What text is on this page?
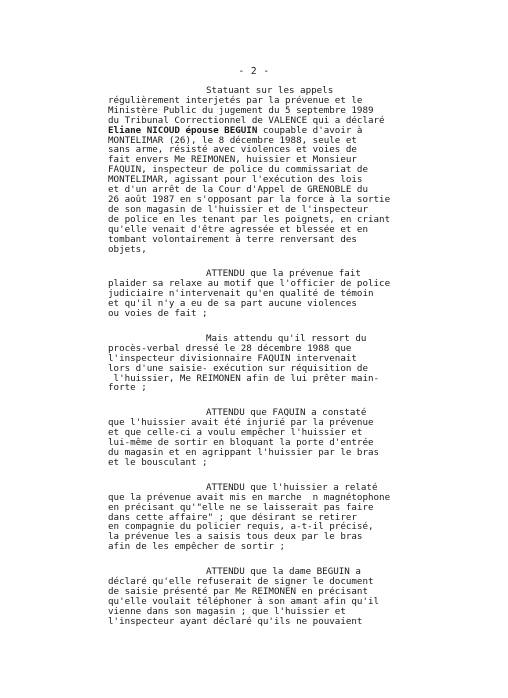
- 2 -
Statuant sur les appels
régulièrement interjetés par la prévenue et le
Ministère Public du jugement du 5 septembre 1989
du Tribunal Correctionnel de VALENCE qui a déclaré
Eliane NICOUD épouse BEGUIN coupable d'avoir à
MONTELIMAR (26), le 8 décembre 1988, seule et
sans arme, résisté avec violences et voies de
fait envers Me REIMONEN, huissier et Monsieur
FAQUIN, inspecteur de police du commissariat de
MONTELIMAR, agissant pour l'exécution des lois
et d'un arrêt de la Cour d'Appel de GRENOBLE du
26 août 1987 en s'opposant par la force à la sortie
de son magasin de l'huissier et de l'inspecteur
de police en les tenant par les poignets, en criant
qu'elle venait d'être agressée et blessée et en
tombant volontairement à terre renversant des
objets,
ATTENDU que la prévenue fait
plaider sa relaxe au motif que l'officier de police
judiciaire n'intervenait qu'en qualité de témoin
et qu'il n'y a eu de sa part aucune violences
ou voies de fait ;
Mais attendu qu'il ressort du
procès-verbal dressé le 28 décembre 1988 que
l'inspecteur divisionnaire FAQUIN intervenait
lors d'une saisie- exécution sur réquisition de
l'huissier, Me REIMONEN afin de lui prêter main-
forte ;
ATTENDU que FAQUIN a constaté
que l'huissier avait été injurié par la prévenue
et que celle-ci a voulu empêcher l'huissier et
lui-même de sortir en bloquant la porte d'entrée
du magasin et en agrippant l'huissier par le bras
et le bousculant ;
ATTENDU que l'huissier a relaté
que la prévenue avait mis en marche  n magnétophone
en précisant qu'"elle ne se laisserait pas faire
dans cette affaire" ; que désirant se retirer
en compagnie du policier requis, a-t-il précisé,
la prévenue les a saisis tous deux par le bras
afin de les empêcher de sortir ;
ATTENDU que la dame BEGUIN a
déclaré qu'elle refuserait de signer le document
de saisie présenté par Me REIMONEN en précisant
qu'elle voulait téléphoner à son amant afin qu'il
vienne dans son magasin ; que l'huissier et
l'inspecteur ayant déclaré qu'ils ne pouvaient
